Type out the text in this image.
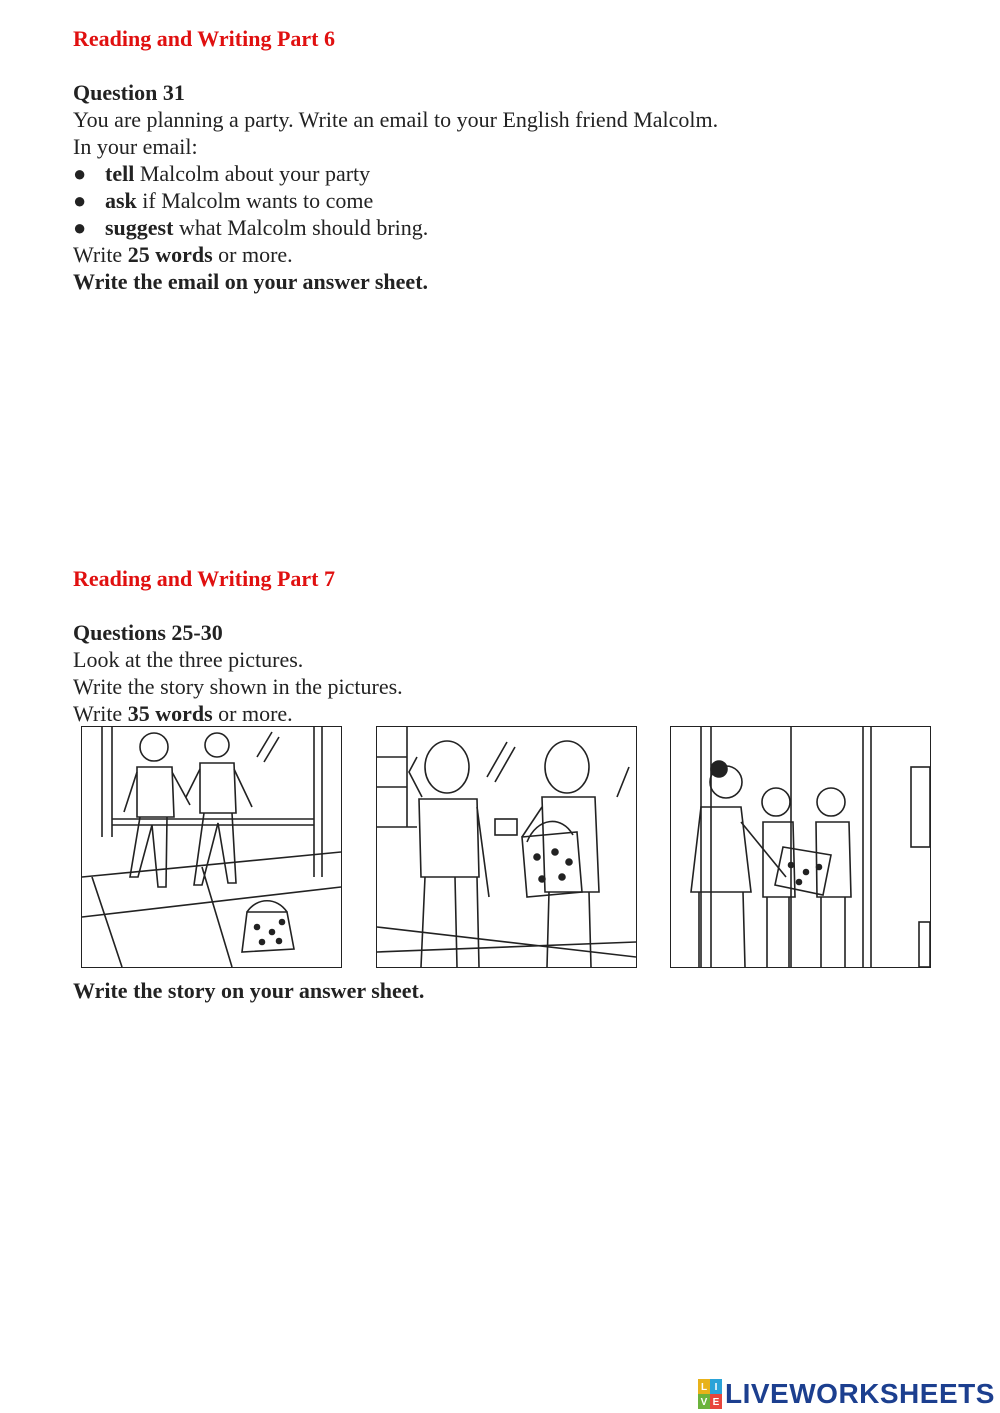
Reading and Writing Part 6
Question 31
You are planning a party. Write an email to your English friend Malcolm.
In your email:
● tell Malcolm about your party
● ask if Malcolm wants to come
● suggest what Malcolm should bring.
Write 25 words or more.
Write the email on your answer sheet.
Reading and Writing Part 7
Questions 25-30
Look at the three pictures.
Write the story shown in the pictures.
Write 35 words or more.
Write the story on your answer sheet.
L I
V E LIVEWORKSHEETS
